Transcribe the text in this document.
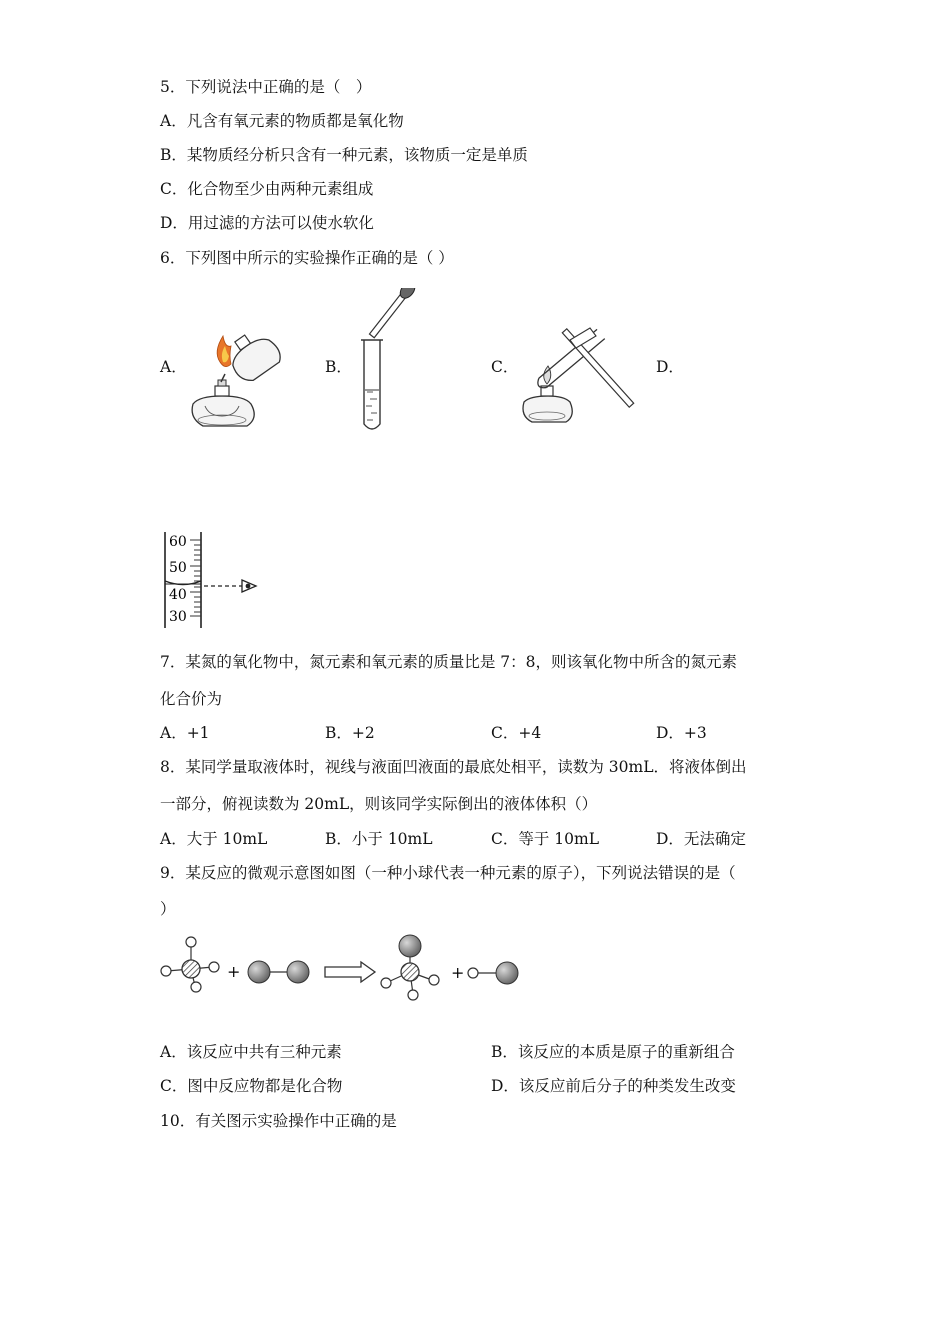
5．下列说法中正确的是（　）
A．凡含有氧元素的物质都是氧化物
B．某物质经分析只含有一种元素，该物质一定是单质
C．化合物至少由两种元素组成
D．用过滤的方法可以使水软化
6．下列图中所示的实验操作正确的是（ ）
A．	B．	C．	D．
60
50
40
30
7．某氮的氧化物中，氮元素和氧元素的质量比是 7：8，则该氧化物中所含的氮元素
化合价为
A．+1	B．+2	C．+4	D．+3
8．某同学量取液体时，视线与液面凹液面的最底处相平，读数为 30mL．将液体倒出
一部分，俯视读数为 20mL，则该同学实际倒出的液体体积（）
A．大于 10mL	B．小于 10mL	C．等于 10mL	D．无法确定
9．某反应的微观示意图如图（一种小球代表一种元素的原子），下列说法错误的是（
）
+	+
A．该反应中共有三种元素	B．该反应的本质是原子的重新组合
C．图中反应物都是化合物	D．该反应前后分子的种类发生改变
10．有关图示实验操作中正确的是
